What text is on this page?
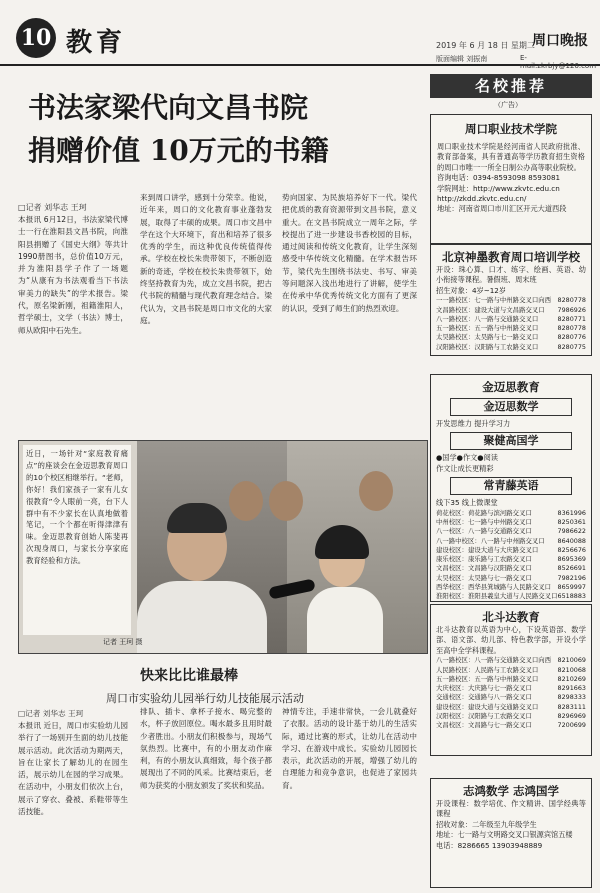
10 教育	2019 年 6 月 18 日 星期二
周口晚报
版面编辑 刘振南	E-mail:zkrbjy@126.com
书法家梁代向文昌书院
捐赠价值 10万元的书籍
□记者 刘华志 王珂
本报讯 6月12日，书法家梁代博士一行在淮阳县文昌书院，向淮阳县捐赠了《国史大纲》等共计1990册图书，总价值10万元，并为淮阳县学子作了一场题为“从康有为书法观看当下书法审美力的缺失”的学术报告。梁代，原名梁新刚，祖籍淮阳人，哲学硕士，文学（书法）博士，师从欧阳中石先生。
来到周口讲学，感到十分荣幸。他说，近年来，周口的文化教育事业蓬勃发展，取得了丰硕的成果。周口市文昌中学在这个大环境下，育出和培养了很多优秀的学生，而这种优良传统值得传承。学校在校长朱贵带领下，不断创造新的奇迹，学校在校长朱贵带领下，始终坚持教育为先，成立文昌书院，把古代书院的精髓与现代教育理念结合。梁代认为，文昌书院是周口市文化的大家庭。
势向国家、为民族培养好下一代。梁代把优质的教育资源带到文昌书院，意义重大。在文昌书院成立一周年之际，学校提出了进一步建设书香校园的目标，通过阅读和传统文化教育，让学生深刻感受中华传统文化精髓。在学术报告环节，梁代先生围绕书法史、书写、审美等问题深入浅出地进行了讲解，使学生在传承中华优秀传统文化方面有了更深的认识，受到了师生们的热烈欢迎。
近日，一场针对“家庭教育痛点”的座谈会在金迈思教育周口的10个校区相继举行。“老师，你好！我们家孩子一家有儿女很教育”令人眼前一亮，台下人群中有不少家长在认真地做着笔记，一个个都在听得津津有味。金迈思教育创始人陈斐再次现身周口，与家长分享家庭教育经验和方法。
记者 王珂 摄
快来比比谁最棒
周口市实验幼儿园举行幼儿技能展示活动
□记者 刘华志 王珂
本报讯 近日，周口市实验幼儿园举行了一场别开生面的幼儿技能展示活动。此次活动为期两天，旨在让家长了解幼儿的在园生活，展示幼儿在园的学习成果。在活动中，小朋友们依次上台，展示了穿衣、叠被、系鞋带等生活技能。
排队、插卡、拿杯子接水、喝完整的水，杯子放回原位。喝水最多且用时最少者胜出。小朋友们积极参与，现场气氛热烈。比赛中，有的小朋友动作麻利，有的小朋友认真细致，每个孩子都展现出了不同的风采。比赛结束后，老师为获奖的小朋友颁发了奖状和奖品。
神情专注，手速非常快，一会儿就叠好了衣服。活动的设计基于幼儿的生活实际，通过比赛的形式，让幼儿在活动中学习、在游戏中成长。实验幼儿园园长表示，此次活动的开展，增强了幼儿的自理能力和竞争意识，也促进了家园共育。
名校推荐
（广告）
周口职业技术学院

周口职业技术学院是经河南省人民政府批准、教育部备案，具有普通高等学历教育招生资格的周口市唯一一所全日制公办高等职业院校。

咨询电话：0394-8593098 8593081

学院网址：http://www.zkvtc.edu.cn

http://zkdd.zkvtc.edu.cn/

地址：河南省周口市川汇区开元大道西段

北京神墨教育周口培训学校

开设：珠心算、口才、练字、绘画、英语、幼小衔接等课程。暑假班、周末班

招生对象：4岁~12岁

8280778
一一路校区：七一路与中州路交叉口向西
7986926
文昌路校区：建设大道与文昌路交叉口
8280771
八一路校区：八一路与交通路交叉口
8280778
五一路校区：五一路与中州路交叉口
8280776
太昊路校区：太昊路与七一路交叉口
8280775
汉阳路校区：汉阳路与工农路交叉口
金迈思教育
金迈思数学

开发思维力 提升学习力

聚健高国学

●国学●作文●阅读

作文让成长更精彩

常青藤英语

线下35 线上微课堂

8361996
荷花校区：荷花路与滨河路交叉口
8250361
中州校区：七一路与中州路交叉口
7986622
八一校区：八一路与交通路交叉口
8640088
八一路中校区：八一路与中州路交叉口
8256676
建设校区：建设大道与大庆路交叉口
8695369
康乐校区：康乐路与工农路交叉口
8526691
文昌校区：文昌路与汉阳路交叉口
7982196
太昊校区：太昊路与七一路交叉口
8659997
西华校区：西华县箕城路与人民路交叉口
6518883
淮阳校区：淮阳县羲皇大道与人民路交叉口
北斗达教育

北斗达教育以英语为中心，下设英语部、数学部、语文部、幼儿部、特色教学部，开设小学至高中全学科课程。

8210069
八一路校区：八一路与交通路交叉口向西
8210068
人民路校区：人民路与工农路交叉口
8210269
五一路校区：五一路与中州路交叉口
8291663
大庆校区：大庆路与七一路交叉口
8298333
交通校区：交通路与八一路交叉口
8283111
建设校区：建设大道与交通路交叉口
8296969
汉阳校区：汉阳路与工农路交叉口
7200699
文昌校区：文昌路与七一路交叉口
志鸿数学 志鸿国学

开设课程：数学培优、作文精讲、国学经典等课程

招收对象：二年级至九年级学生

地址：七一路与文明路交叉口银源宾馆五楼

电话：8286665 13903948889
